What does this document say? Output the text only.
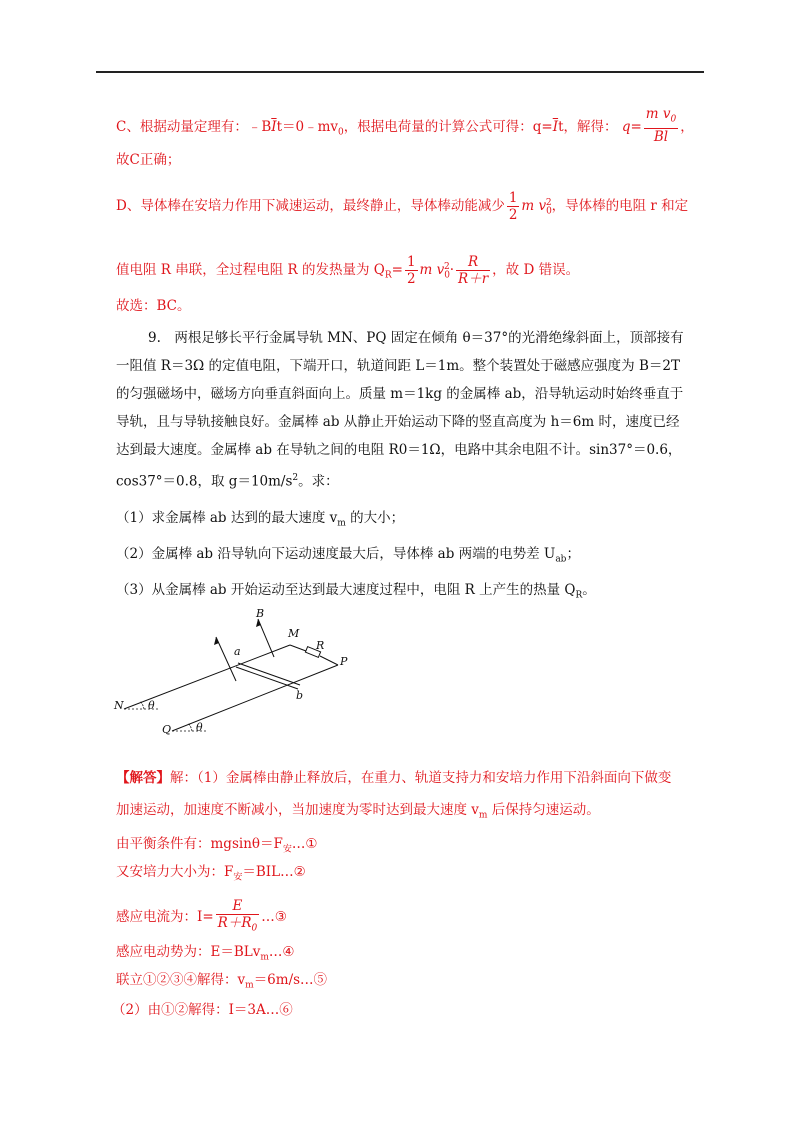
C、根据动量定理有：$﹣B\overline{I}t=0﹣mv_0$，根据电荷量的计算公式可得：$q=\overline{I}t$，解得： $q= \frac{m v_0}{Bl}$ ，
故C正确；
D、导体棒在安培力作用下减速运动，最终静止，导体棒动能减少 $\frac{1}{2}$ m $v_0^2$，导体棒的电阻 r 和定
值电阻 R 串联，全过程电阻 R 的发热量为 $Q_R= \frac{1}{2}$ m $v_0^2\cdot \frac{R}{R+r}$ ，故 D 错误。
故选：BC。
9.　两根足够长平行金属导轨 MN、PQ 固定在倾角 θ＝37°的光滑绝缘斜面上，顶部接有
一阻值 R＝3Ω 的定值电阻，下端开口，轨道间距 L＝1m。整个装置处于磁感应强度为 B＝2T
的匀强磁场中，磁场方向垂直斜面向上。质量 m＝1kg 的金属棒 ab，沿导轨运动时始终垂直于
导轨，且与导轨接触良好。金属棒 ab 从静止开始运动下降的竖直高度为 h＝6m 时，速度已经
达到最大速度。金属棒 ab 在导轨之间的电阻 R0＝1Ω，电路中其余电阻不计。sin37°＝0.6，
cos37°＝0.8，取 $g=10m/s^2$。求：
（1）求金属棒 ab 达到的最大速度 $v_m$ 的大小；
（2）金属棒 ab 沿导轨向下运动速度最大后，导体棒 ab 两端的电势差 $U_{ab}$；
（3）从金属棒 ab 开始运动至达到最大速度过程中，电阻 R 上产生的热量 $Q_R$。
B
M
R
P
a
b
N
Q
θ
θ
【解答】解：（1）金属棒由静止释放后，在重力、轨道支持力和安培力作用下沿斜面向下做变
加速运动，加速度不断减小，当加速度为零时达到最大速度 $v_m$ 后保持匀速运动。
由平衡条件有：$mgsin\theta=F_安\dots ①$
又安培力大小为：$F_安=BIL\dots ②$
感应电流为：$I= \frac{E}{R+R_0}$ …③
感应电动势为：E＝BLv$_m$…④
联立①②③④解得：$v_m=6m/s\dots ⑤$
（2）由①②解得：I＝3A…⑥
